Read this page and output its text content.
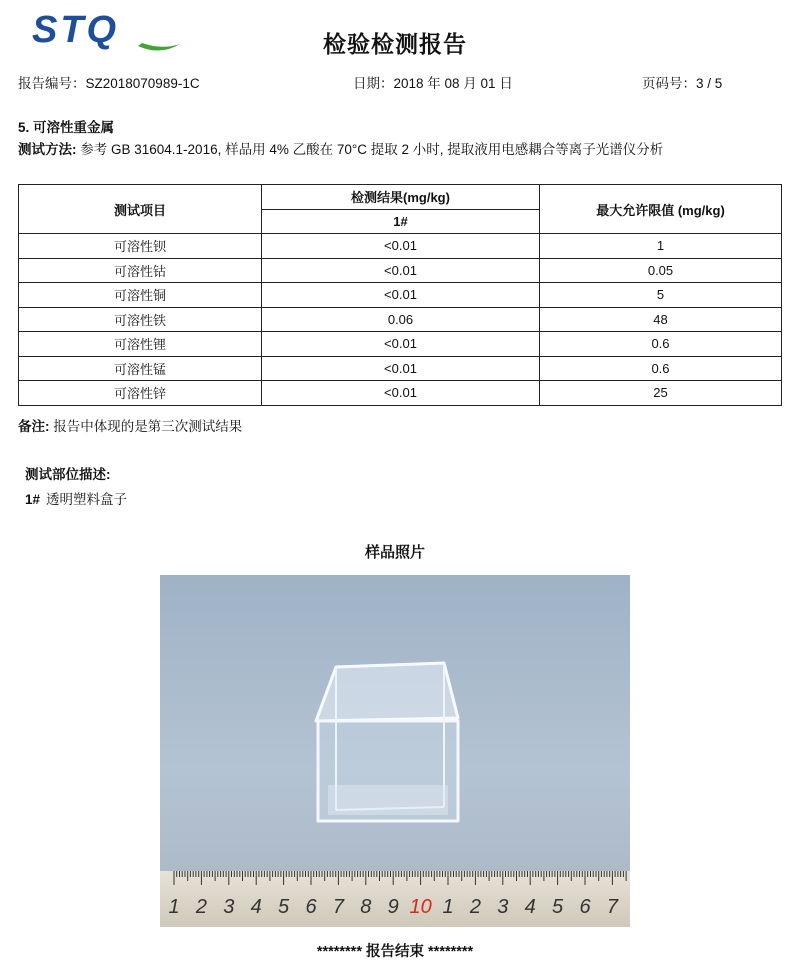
STQ	检验检测报告
报告编号：SZ2018070989-1C	日期：2018 年 08 月 01 日	页码号：3 / 5
5. 可溶性重金属
测试方法: 参考 GB 31604.1-2016, 样品用 4% 乙酸在 70°C 提取 2 小时, 提取液用电感耦合等离子光谱仪分析
测试项目	检测结果(mg/kg)	最大允许限值 (mg/kg)
	1#	
可溶性钡	<0.01	1
可溶性钴	<0.01	0.05
可溶性铜	<0.01	5
可溶性铁	0.06	48
可溶性锂	<0.01	0.6
可溶性锰	<0.01	0.6
可溶性锌	<0.01	25
备注: 报告中体现的是第三次测试结果
测试部位描述:
1# 透明塑料盒子
样品照片
1 2 3 4 5 6 7 8 9 10 1 2 3 4 5 6 7
******** 报告结束 ********
